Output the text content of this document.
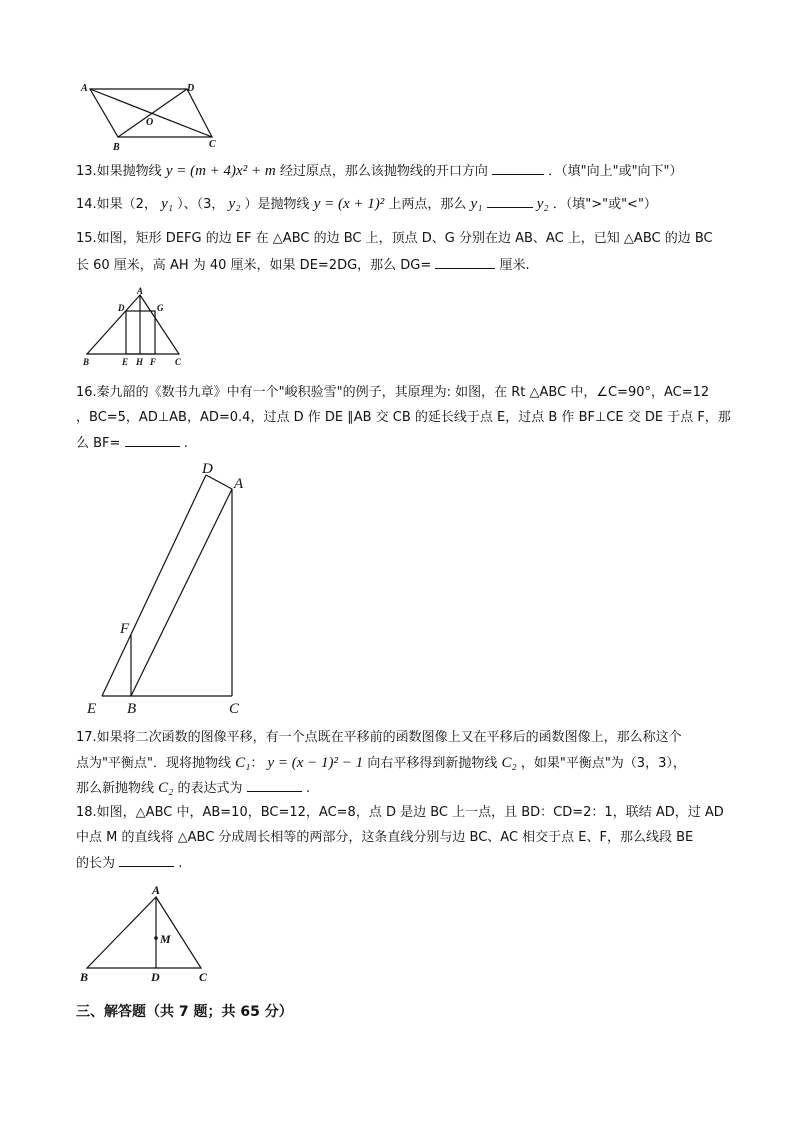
A	D
O
B	C
13.如果抛物线 y = (m + 4)x² + m 经过原点，那么该抛物线的开口方向	．（填"向上"或"向下"）
14.如果（2， y₁ ）、（3， y₂ ）是抛物线 y = (x + 1)² 上两点，那么 y₁	y₂ ．（填">"或"<"）
15.如图，矩形 DEFG 的边 EF 在 △ABC 的边 BC 上，顶点 D、G 分别在边 AB、AC 上，已知 △ABC 的边 BC
长 60 厘米，高 AH 为 40 厘米，如果 DE=2DG，那么 DG=	厘米.
A
D	G
B	E H F C
16.秦九韶的《数书九章》中有一个"峻积验雪"的例子，其原理为: 如图，在 Rt △ABC 中，∠C=90°，AC=12
，BC=5，AD⊥AB，AD=0.4，过点 D 作 DE ∥AB 交 CB 的延长线于点 E，过点 B 作 BF⊥CE 交 DE 于点 F，那
么 BF=	.
D
A
F
E B	C
17.如果将二次函数的图像平移，有一个点既在平移前的函数图像上又在平移后的函数图像上，那么称这个
点为"平衡点"．现将抛物线 C₁： y = (x − 1)² − 1 向右平移得到新抛物线 C₂ ，如果"平衡点"为（3，3），
那么新抛物线 C₂ 的表达式为	.
18.如图，△ABC 中，AB=10，BC=12，AC=8，点 D 是边 BC 上一点，且 BD：CD=2：1，联结 AD，过 AD
中点 M 的直线将 △ABC 分成周长相等的两部分，这条直线分别与边 BC、AC 相交于点 E、F，那么线段 BE
的长为	.
A
M
B	D	C
三、解答题（共 7 题；共 65 分）
